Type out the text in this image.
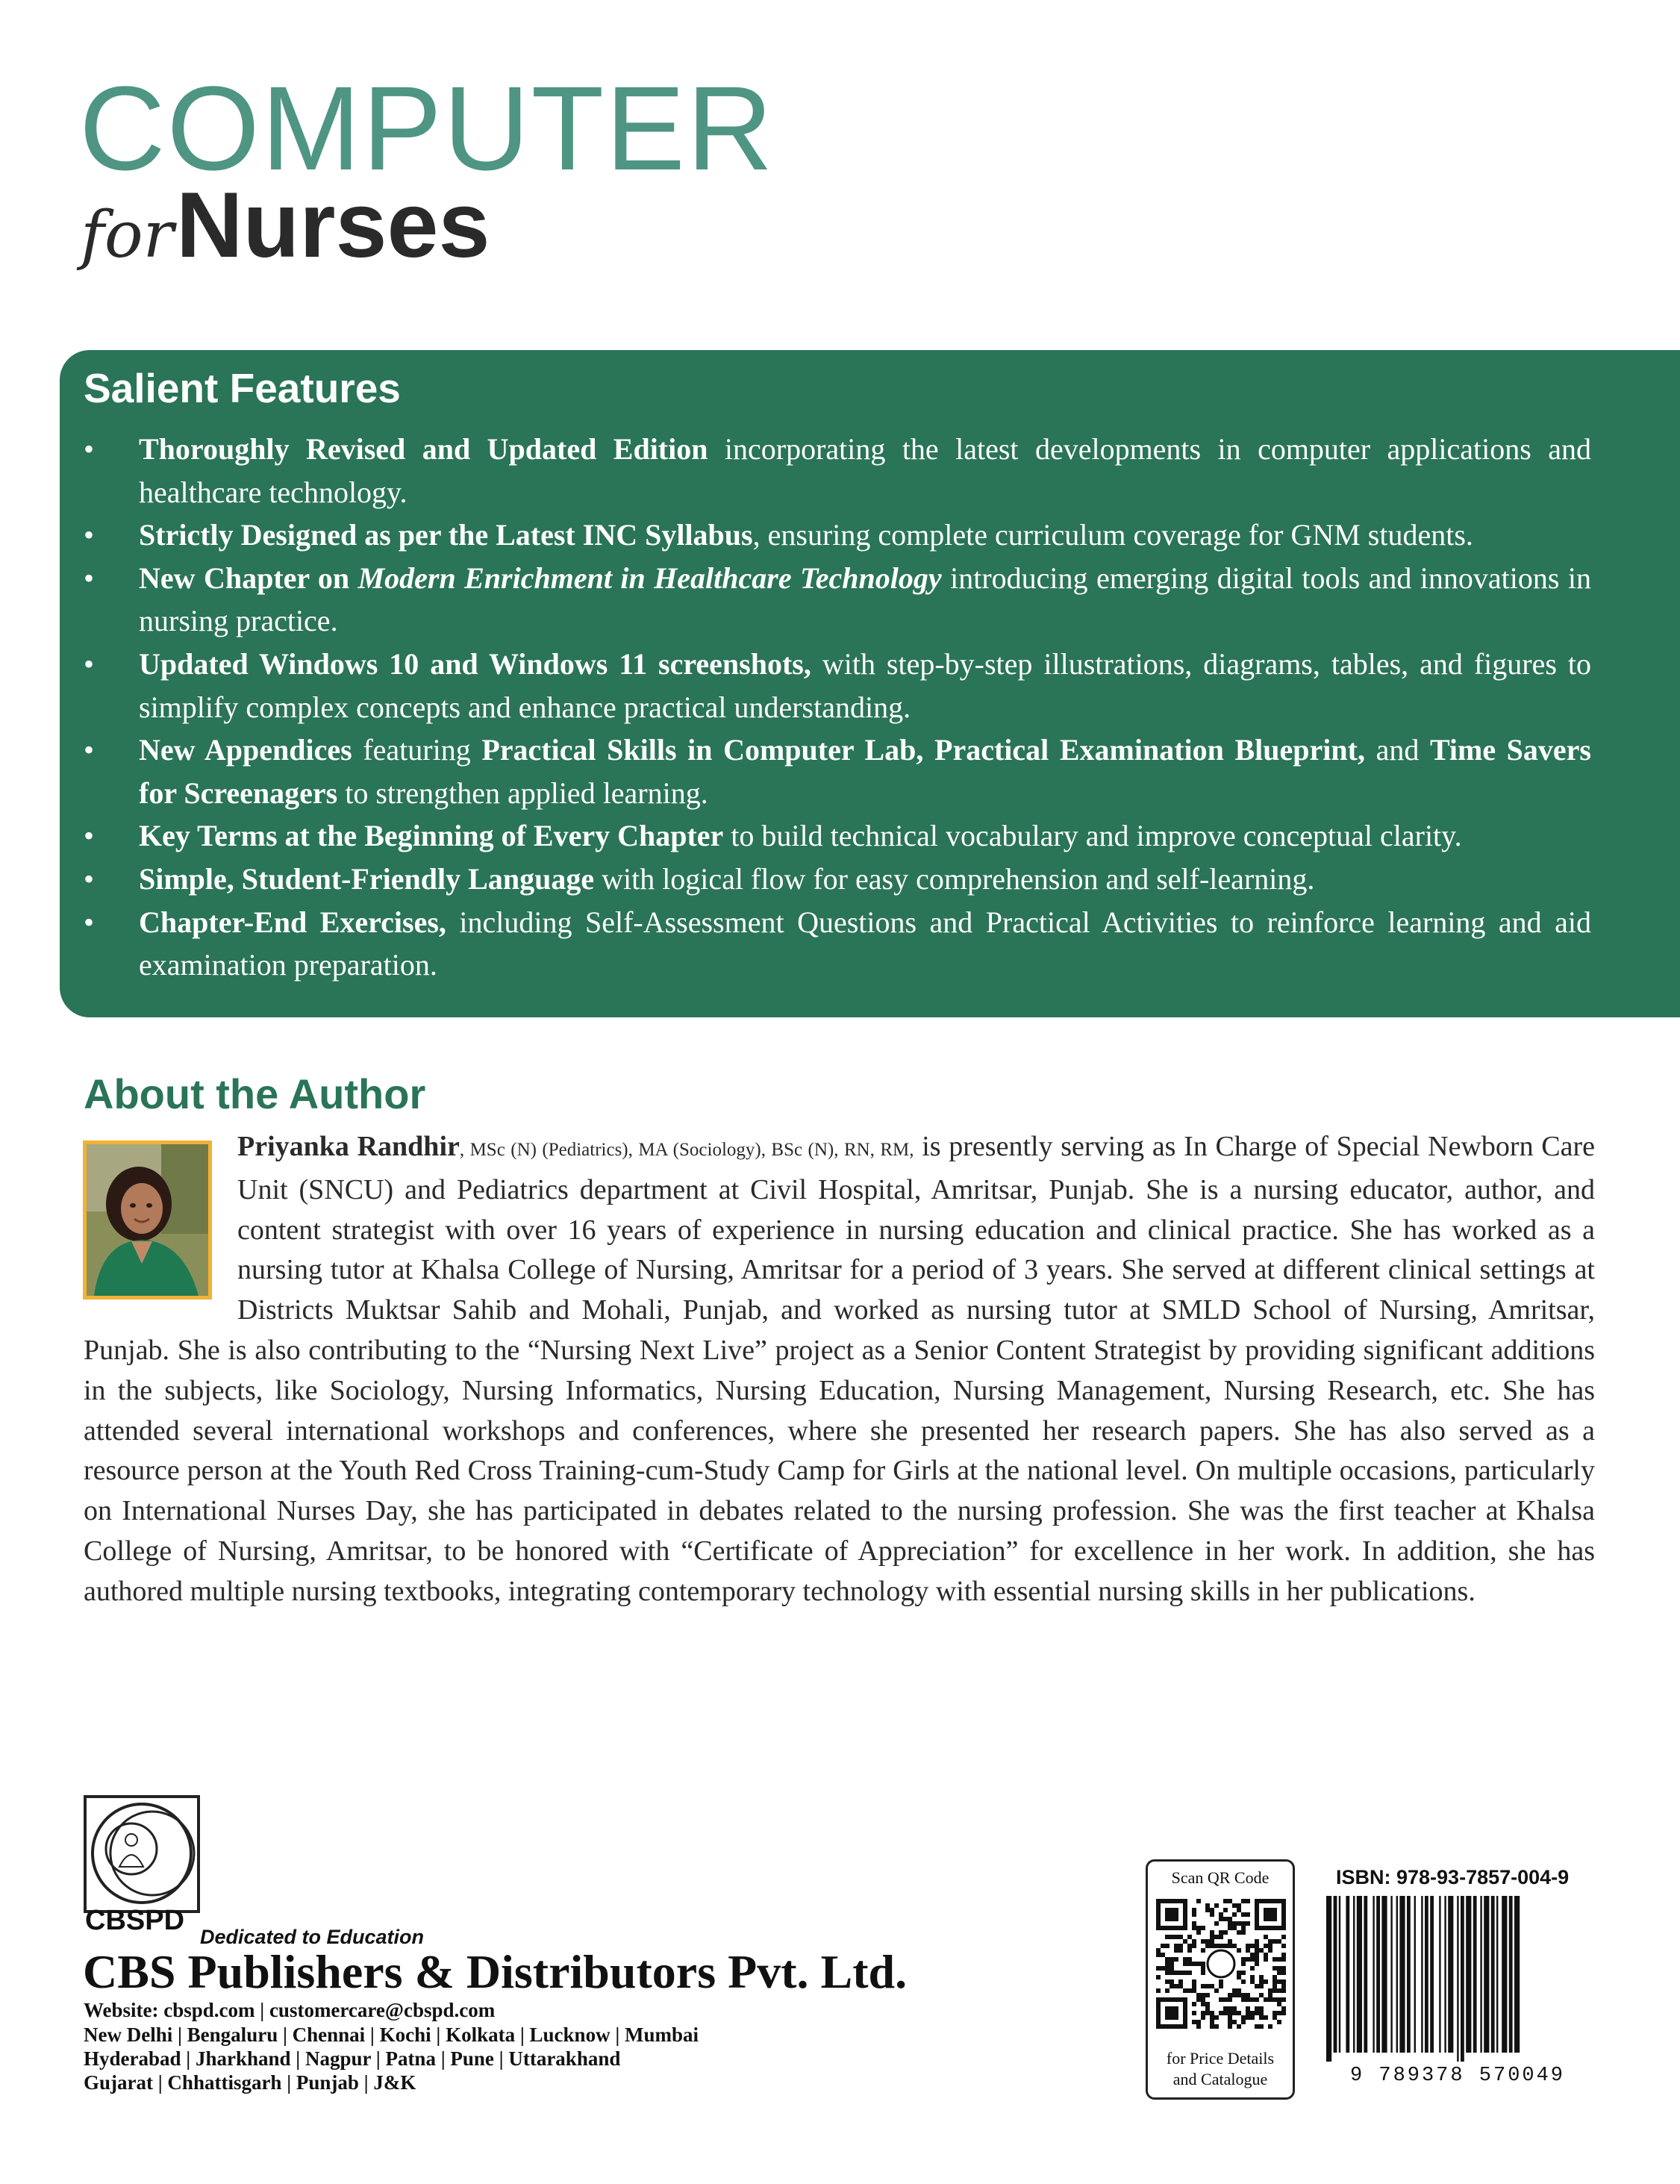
COMPUTER
for Nurses
Salient Features
• Thoroughly Revised and Updated Edition incorporating the latest developments in computer applications and healthcare technology.
• Strictly Designed as per the Latest INC Syllabus, ensuring complete curriculum coverage for GNM students.
• New Chapter on Modern Enrichment in Healthcare Technology introducing emerging digital tools and innovations in nursing practice.
• Updated Windows 10 and Windows 11 screenshots, with step-by-step illustrations, diagrams, tables, and figures to simplify complex concepts and enhance practical understanding.
• New Appendices featuring Practical Skills in Computer Lab, Practical Examination Blueprint, and Time Savers for Screenagers to strengthen applied learning.
• Key Terms at the Beginning of Every Chapter to build technical vocabulary and improve conceptual clarity.
• Simple, Student-Friendly Language with logical flow for easy comprehension and self-learning.
• Chapter-End Exercises, including Self-Assessment Questions and Practical Activities to reinforce learning and aid examination preparation.
About the Author

Priyanka Randhir, MSc (N) (Pediatrics), MA (Sociology), BSc (N), RN, RM, is presently serving as In Charge of Special Newborn Care Unit (SNCU) and Pediatrics department at Civil Hospital, Amritsar, Punjab. She is a nursing educator, author, and content strategist with over 16 years of experience in nursing education and clinical practice. She has worked as a nursing tutor at Khalsa College of Nursing, Amritsar for a period of 3 years. She served at different clinical settings at Districts Muktsar Sahib and Mohali, Punjab, and worked as nursing tutor at SMLD School of Nursing, Amritsar, Punjab. She is also contributing to the “Nursing Next Live” project as a Senior Content Strategist by providing significant additions in the subjects, like Sociology, Nursing Informatics, Nursing Education, Nursing Management, Nursing Research, etc. She has attended several international workshops and conferences, where she presented her research papers. She has also served as a resource person at the Youth Red Cross Training-cum-Study Camp for Girls at the national level. On multiple occasions, particularly on International Nurses Day, she has participated in debates related to the nursing profession. She was the first teacher at Khalsa College of Nursing, Amritsar, to be honored with “Certificate of Appreciation” for excellence in her work. In addition, she has authored multiple nursing textbooks, integrating contemporary technology with essential nursing skills in her publications.

CBSPD
Dedicated to Education
CBS Publishers & Distributors Pvt. Ltd.
Website: cbspd.com | customercare@cbspd.com
New Delhi | Bengaluru | Chennai | Kochi | Kolkata | Lucknow | Mumbai
Hyderabad | Jharkhand | Nagpur | Patna | Pune | Uttarakhand
Gujarat | Chhattisgarh | Punjab | J&K
Scan QR Code
for Price Details
and Catalogue
ISBN: 978-93-7857-004-9
9 789378 570049
